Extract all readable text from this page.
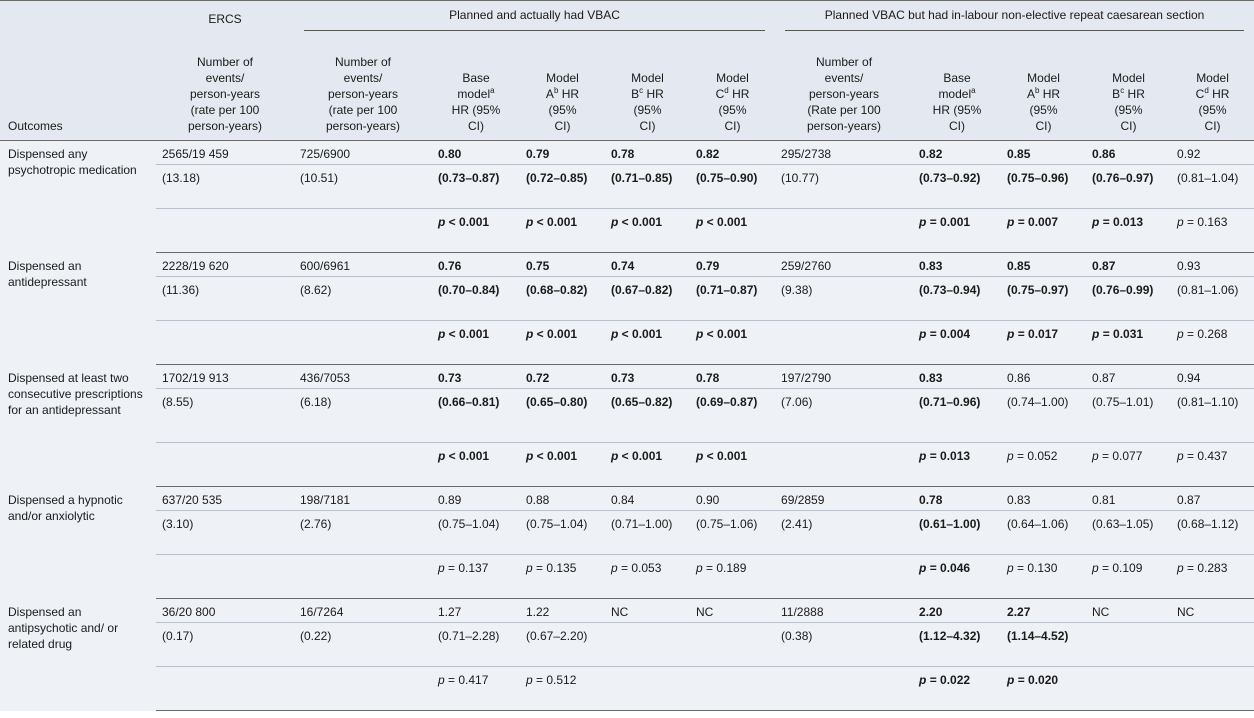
	ERCS	Planned and actually had VBAC					Planned VBAC but had in-labour non-elective repeat caesarean section				

Outcomes	Number of
events/
person-years
(rate per 100
person-years)	Number of
events/
person-years
(rate per 100
person-years)	Base
model$^a$
HR (95%
CI)	Model
$A^b$ HR
(95%
CI)	Model
$B^c$ HR
(95%
CI)	Model
$C^d$ HR
(95%
CI)	Number of
events/
person-years
(Rate per 100
person-years)	Base
model$^a$
HR (95%
CI)	Model
$A^b$ HR
(95%
CI)	Model
$B^c$ HR
(95%
CI)	Model
$C^d$ HR
(95%
CI)
Dispensed any psychotropic medication	2565/19 459	725/6900	0.80	0.79	0.78	0.82	295/2738	0.82	0.85	0.86	0.92
	(13.18)	(10.51)	(0.73–0.87)	(0.72–0.85)	(0.71–0.85)	(0.75–0.90)	(10.77)	(0.73–0.92)	(0.75–0.96)	(0.76–0.97)	(0.81–1.04)
			p < 0.001	p < 0.001	p < 0.001	p < 0.001		p = 0.001	p = 0.007	p = 0.013	p = 0.163
Dispensed an antidepressant	2228/19 620	600/6961	0.76	0.75	0.74	0.79	259/2760	0.83	0.85	0.87	0.93
	(11.36)	(8.62)	(0.70–0.84)	(0.68–0.82)	(0.67–0.82)	(0.71–0.87)	(9.38)	(0.73–0.94)	(0.75–0.97)	(0.76–0.99)	(0.81–1.06)
			p < 0.001	p < 0.001	p < 0.001	p < 0.001		p = 0.004	p = 0.017	p = 0.031	p = 0.268
Dispensed at least two consecutive prescriptions for an antidepressant	1702/19 913	436/7053	0.73	0.72	0.73	0.78	197/2790	0.83	0.86	0.87	0.94
	(8.55)	(6.18)	(0.66–0.81)	(0.65–0.80)	(0.65–0.82)	(0.69–0.87)	(7.06)	(0.71–0.96)	(0.74–1.00)	(0.75–1.01)	(0.81–1.10)
			p < 0.001	p < 0.001	p < 0.001	p < 0.001		p = 0.013	p = 0.052	p = 0.077	p = 0.437
Dispensed a hypnotic and/or anxiolytic	637/20 535	198/7181	0.89	0.88	0.84	0.90	69/2859	0.78	0.83	0.81	0.87
	(3.10)	(2.76)	(0.75–1.04)	(0.75–1.04)	(0.71–1.00)	(0.75–1.06)	(2.41)	(0.61–1.00)	(0.64–1.06)	(0.63–1.05)	(0.68–1.12)
			p = 0.137	p = 0.135	p = 0.053	p = 0.189		p = 0.046	p = 0.130	p = 0.109	p = 0.283
Dispensed an antipsychotic and/ or related drug	36/20 800	16/7264	1.27	1.22	NC	NC	11/2888	2.20	2.27	NC	NC
	(0.17)	(0.22)	(0.71–2.28)	(0.67–2.20)			(0.38)	(1.12–4.32)	(1.14–4.52)		
			p = 0.417	p = 0.512				p = 0.022	p = 0.020		
